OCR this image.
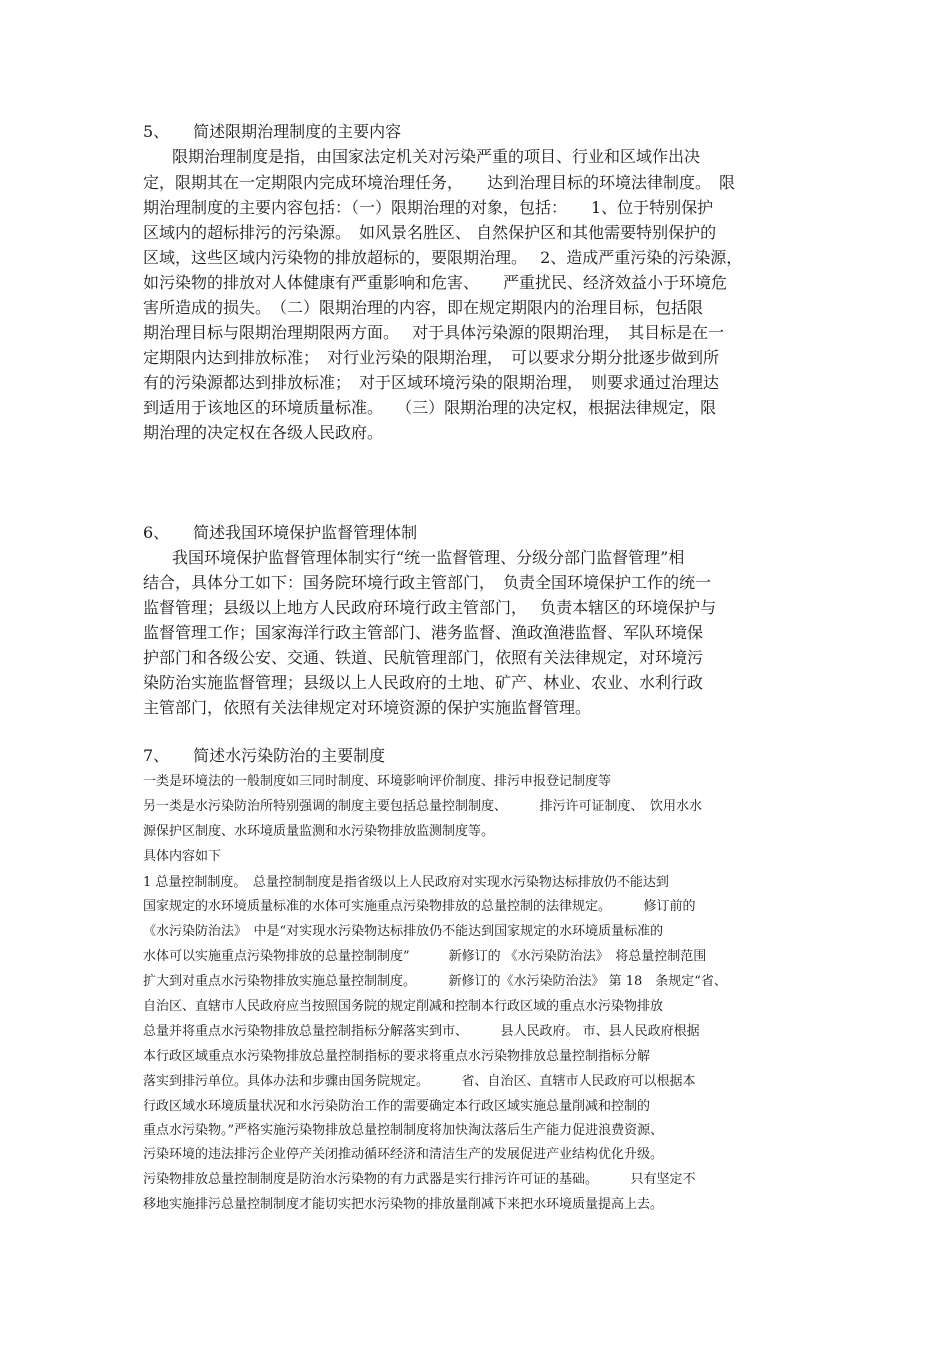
5、　　简述限期治理制度的主要内容
限期治理制度是指，由国家法定机关对污染严重的项目、行业和区域作出决
定，限期其在一定期限内完成环境治理任务，　　达到治理目标的环境法律制度。　限
期治理制度的主要内容包括：（一）限期治理的对象，包括：　　1、位于特别保护
区域内的超标排污的污染源。　如风景名胜区、 自然保护区和其他需要特别保护的
区域，这些区域内污染物的排放超标的，要限期治理。　 2、造成严重污染的污染源，
如污染物的排放对人体健康有严重影响和危害、　　严重扰民、经济效益小于环境危
害所造成的损失。　（二）限期治理的内容，即在规定期限内的治理目标，包括限
期治理目标与限期治理期限两方面。　 对于具体污染源的限期治理，　其目标是在一
定期限内达到排放标准；　对行业污染的限期治理，　可以要求分期分批逐步做到所
有的污染源都达到排放标准；　对于区域环境污染的限期治理，　则要求通过治理达
到适用于该地区的环境质量标准。　 （三）限期治理的决定权，根据法律规定，限
期治理的决定权在各级人民政府。
6、　　简述我国环境保护监督管理体制
我国环境保护监督管理体制实行“统一监督管理、分级分部门监督管理”相
结合，具体分工如下：国务院环境行政主管部门，　负责全国环境保护工作的统一
监督管理；县级以上地方人民政府环境行政主管部门，　 负责本辖区的环境保护与
监督管理工作；国家海洋行政主管部门、港务监督、渔政渔港监督、军队环境保
护部门和各级公安、交通、铁道、民航管理部门，依照有关法律规定，对环境污
染防治实施监督管理；县级以上人民政府的土地、矿产、林业、农业、水利行政
主管部门，依照有关法律规定对环境资源的保护实施监督管理。
7、　　简述水污染防治的主要制度
一类是环境法的一般制度如三同时制度、环境影响评价制度、排污申报登记制度等
另一类是水污染防治所特别强调的制度主要包括总量控制制度、　　　排污许可证制度、　饮用水水
源保护区制度、水环境质量监测和水污染物排放监测制度等。
具体内容如下
1 总量控制制度。　总量控制制度是指省级以上人民政府对实现水污染物达标排放仍不能达到
国家规定的水环境质量标准的水体可实施重点污染物排放的总量控制的法律规定。　　　修订前的
《水污染防治法》　中是“对实现水污染物达标排放仍不能达到国家规定的水环境质量标准的
水体可以实施重点污染物排放的总量控制制度”　　　新修订的 《水污染防治法》　将总量控制范围
扩大到对重点水污染物排放实施总量控制制度。　　　新修订的《水污染防治法》 第 18　条规定“省、
自治区、直辖市人民政府应当按照国务院的规定削减和控制本行政区域的重点水污染物排放
总量并将重点水污染物排放总量控制指标分解落实到市、　　　县人民政府。 市、县人民政府根据
本行政区域重点水污染物排放总量控制指标的要求将重点水污染物排放总量控制指标分解
落实到排污单位。具体办法和步骤由国务院规定。　　　省、自治区、直辖市人民政府可以根据本
行政区域水环境质量状况和水污染防治工作的需要确定本行政区域实施总量削减和控制的
重点水污染物。”严格实施污染物排放总量控制制度将加快淘汰落后生产能力促进浪费资源、
污染环境的违法排污企业停产关闭推动循环经济和清洁生产的发展促进产业结构优化升级。
污染物排放总量控制制度是防治水污染物的有力武器是实行排污许可证的基础。　　　只有坚定不
移地实施排污总量控制制度才能切实把水污染物的排放量削减下来把水环境质量提高上去。
